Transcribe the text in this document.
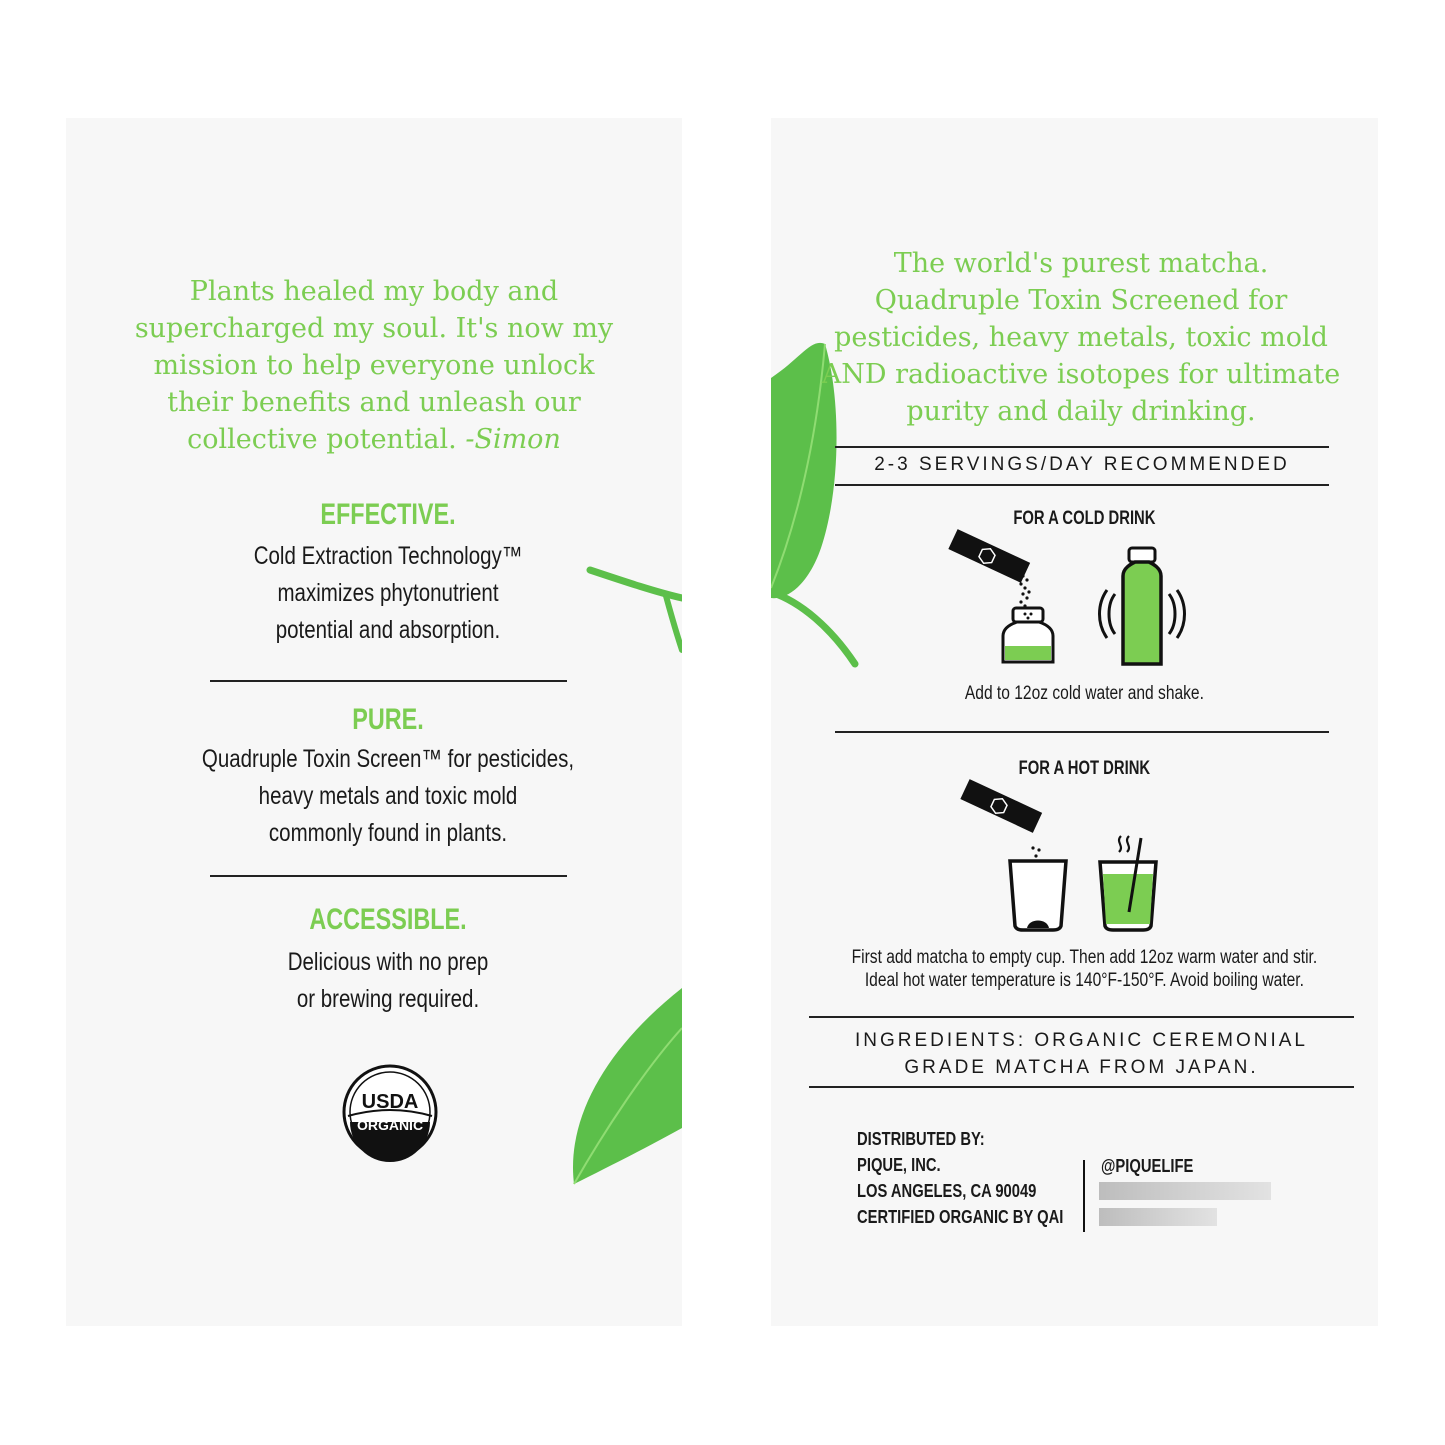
Plants healed my body and
supercharged my soul. It's now my
mission to help everyone unlock
their benefits and unleash our
collective potential. -Simon

EFFECTIVE.

Cold Extraction Technology™
maximizes phytonutrient
potential and absorption.

PURE.

Quadruple Toxin Screen™ for pesticides,
heavy metals and toxic mold
commonly found in plants.

ACCESSIBLE.

Delicious with no prep
or brewing required.

USDA
ORGANIC

The world's purest matcha.
Quadruple Toxin Screened for
pesticides, heavy metals, toxic mold
AND radioactive isotopes for ultimate
purity and daily drinking.

2-3 SERVINGS/DAY RECOMMENDED

FOR A COLD DRINK

Add to 12oz cold water and shake.

FOR A HOT DRINK

First add matcha to empty cup. Then add 12oz warm water and stir.
Ideal hot water temperature is 140°F-150°F. Avoid boiling water.

INGREDIENTS: ORGANIC CEREMONIAL
GRADE MATCHA FROM JAPAN.

DISTRIBUTED BY:
PIQUE, INC.
LOS ANGELES, CA 90049
CERTIFIED ORGANIC BY QAI

@PIQUELIFE
